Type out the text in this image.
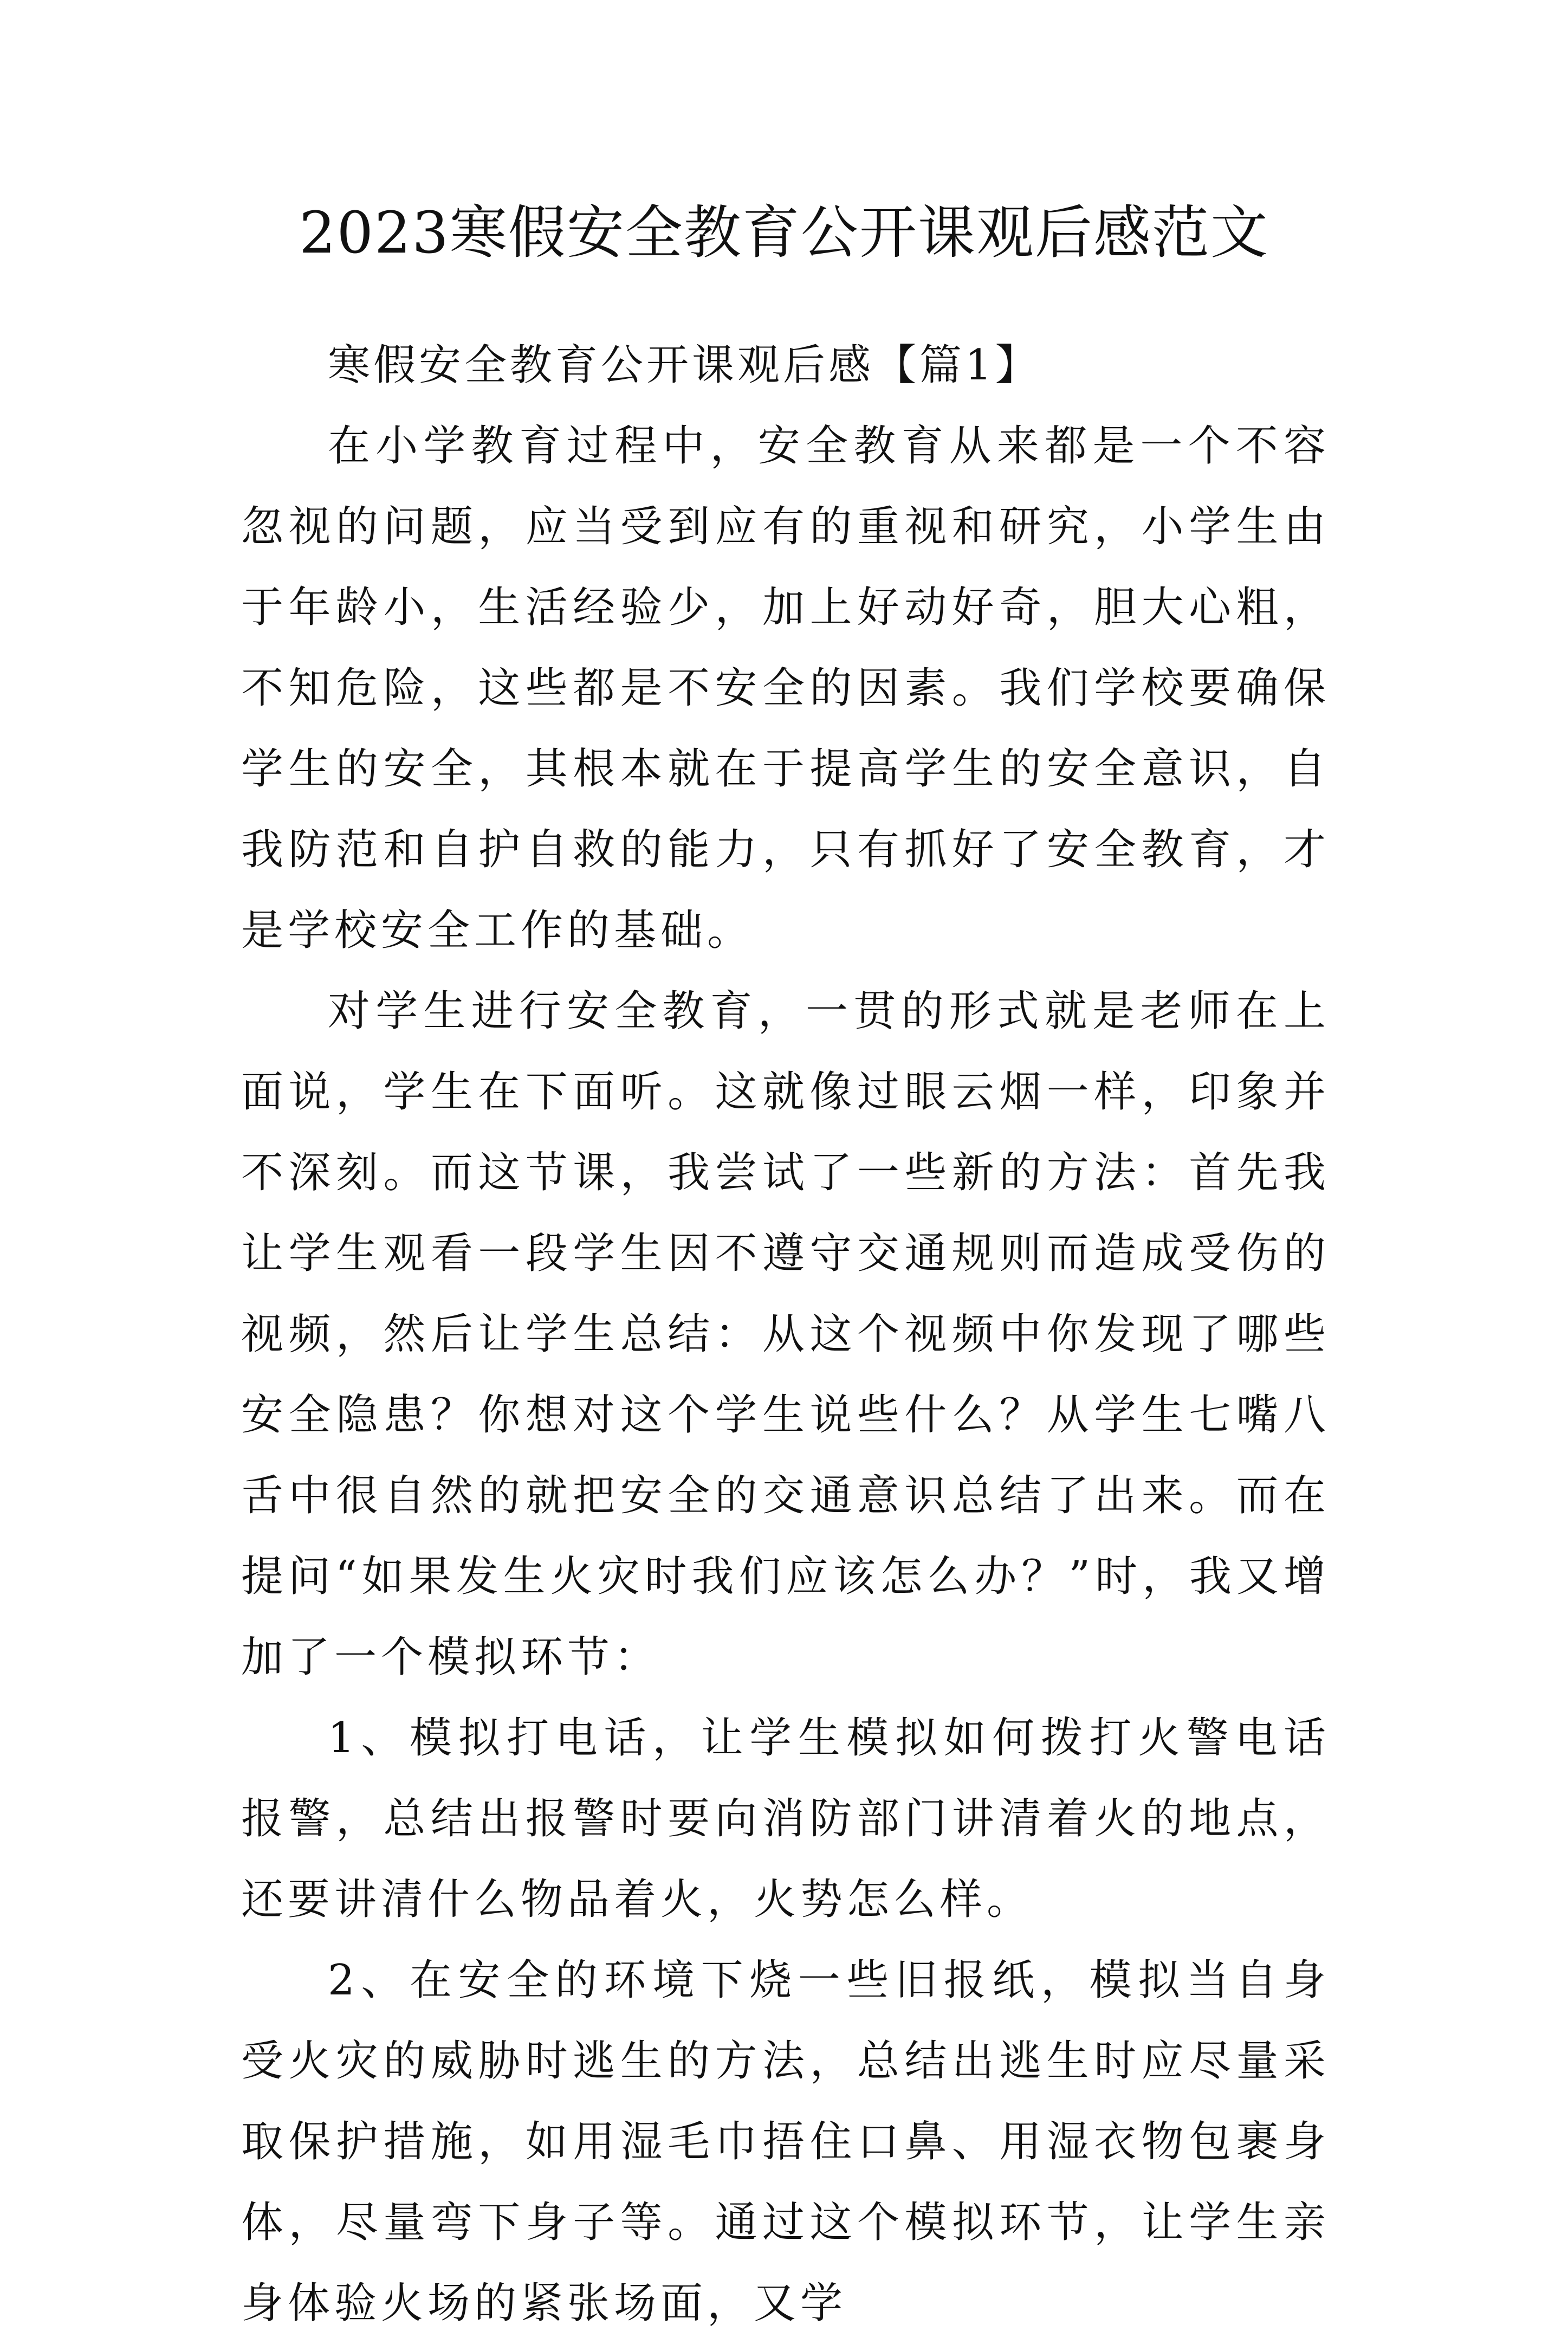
2023寒假安全教育公开课观后感范文

寒假安全教育公开课观后感【篇1】

在小学教育过程中，安全教育从来都是一个不容忽视的问题，应当受到应有的重视和研究，小学生由于年龄小，生活经验少，加上好动好奇，胆大心粗，不知危险，这些都是不安全的因素。我们学校要确保学生的安全，其根本就在于提高学生的安全意识，自我防范和自护自救的能力，只有抓好了安全教育，才是学校安全工作的基础。

对学生进行安全教育，一贯的形式就是老师在上面说，学生在下面听。这就像过眼云烟一样，印象并不深刻。而这节课，我尝试了一些新的方法：首先我让学生观看一段学生因不遵守交通规则而造成受伤的视频，然后让学生总结：从这个视频中你发现了哪些安全隐患？你想对这个学生说些什么？从学生七嘴八舌中很自然的就把安全的交通意识总结了出来。而在提问“如果发生火灾时我们应该怎么办？”时，我又增加了一个模拟环节：

1、模拟打电话，让学生模拟如何拨打火警电话报警，总结出报警时要向消防部门讲清着火的地点，还要讲清什么物品着火，火势怎么样。

2、在安全的环境下烧一些旧报纸，模拟当自身受火灾的威胁时逃生的方法，总结出逃生时应尽量采取保护措施，如用湿毛巾捂住口鼻、用湿衣物包裹身体，尽量弯下身子等。通过这个模拟环节，让学生亲身体验火场的紧张场面，又学
